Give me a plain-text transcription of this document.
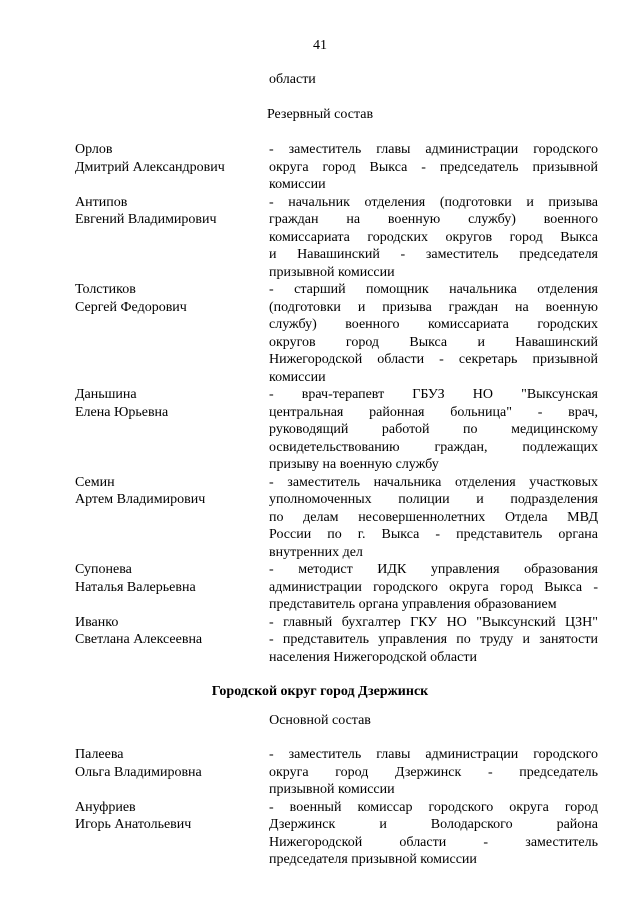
41
области
Резервный состав
Орлов
Дмитрий Александрович
- заместитель главы администрации городского
округа город Выкса - председатель призывной
комиссии
Антипов
Евгений Владимирович
- начальник отделения (подготовки и призыва
граждан на военную службу) военного
комиссариата городских округов город Выкса
и Навашинский - заместитель председателя
призывной комиссии
Толстиков
Сергей Федорович
- старший помощник начальника отделения
(подготовки и призыва граждан на военную
службу) военного комиссариата городских
округов город Выкса и Навашинский
Нижегородской области - секретарь призывной
комиссии
Даньшина
Елена Юрьевна
- врач-терапевт ГБУЗ НО "Выксунская
центральная районная больница" - врач,
руководящий работой по медицинскому
освидетельствованию граждан, подлежащих
призыву на военную службу
Семин
Артем Владимирович
- заместитель начальника отделения участковых
уполномоченных полиции и подразделения
по делам несовершеннолетних Отдела МВД
России по г. Выкса - представитель органа
внутренних дел
Супонева
Наталья Валерьевна
- методист ИДК управления образования
администрации городского округа город Выкса -
представитель органа управления образованием
Иванко
Светлана Алексеевна
- главный бухгалтер ГКУ НО "Выксунский ЦЗН"
- представитель управления по труду и занятости
населения Нижегородской области
Городской округ город Дзержинск
Основной состав
Палеева
Ольга Владимировна
- заместитель главы администрации городского
округа город Дзержинск - председатель
призывной комиссии
Ануфриев
Игорь Анатольевич
- военный комиссар городского округа город
Дзержинск и Володарского района
Нижегородской области - заместитель
председателя призывной комиссии
